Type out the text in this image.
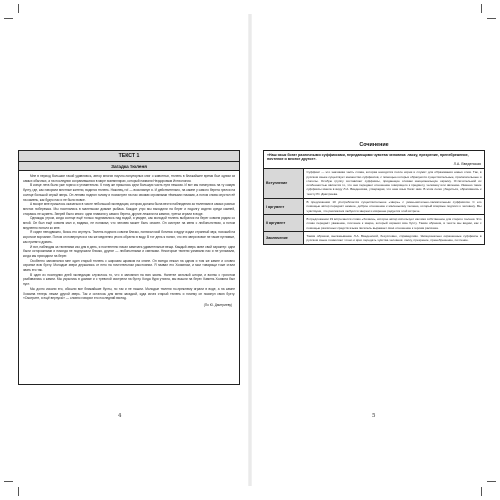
ТЕКСТ 1
Загадка тюленя

Мне в период большие такой удивляюсь, автор многих научно-популярных книг о животных, тюлень в ближайшее время был одним из самых обычных, а на последних сохранившихся в мире экземплярах, который назвали Нездоровым Ихтиологом.

В конце лета было уже горячо и утомительно. К тому же пришлось идти большую часть пути пешком. И вот мы наткнулись на ту самую бухту, где, как говорили местные жители, водится тюлень. Наконец-то! — воскликнул я. И действительно, на камне у самого берега грелся на солнце большой серый зверь. Он лениво поднял голову и посмотрел на нас своими огромными тёмными глазами, а потом снова опустил её на камень, как будто нас и не было вовсе.

А вскоре мне пришлось оказаться в числе небольшой экспедиции, которая должна была вести наблюдения за тюленями в самых разных местах побережья. Мы поселились в маленьком домике рыбака. Каждое утро мы выходили на берег и подолгу сидели среди камней, стараясь не шуметь. Зверей было много: одни плавали у самого берега, другие лежали на камнях, третьи играли в воде.

Однажды утром, когда солнце ещё только поднималось над водой, я увидел, как молодой тюлень выбрался на берег совсем рядом со мной. Он был ещё совсем мал и, видимо, не понимал, что человек может быть опасен. Он смотрел на меня с любопытством, а потом медленно пополз ко мне.

Я сидел неподвижно, боясь его спугнуть. Тюлень подполз совсем близко, понюхал мой ботинок и вдруг издал странный звук, похожий на короткое ворчание. Потом он повернулся и так же медленно уполз обратно в воду. В тот день я понял, что эти звери вовсе не такие пугливые, как принято думать.

И вот, наблюдая за тюленями изо дня в день, я постепенно начал замечать удивительные вещи. Каждый зверь имел свой характер: одни были осторожными и никогда не подпускали близко, другие — любопытными и смелыми. Некоторые тюлени узнавали нас и не уплывали, когда мы приходили на берег.

Особенно запомнился мне один старый тюлень с широким шрамом на спине. Он всегда лежал на одном и том же камне и словно охранял всю бухту. Молодые звери держались от него на почтительном расстоянии. Я назвал его Хозяином, и мои товарищи тоже стали звать его так.

В один из последних дней экспедиции случилось то, что я запомнил на всю жизнь. Налетел сильный шторм, и волны с грохотом разбивались о камни. Мы укрылись в домике и с тревогой смотрели на бухту. Когда буря утихла, мы вышли на берег. Камень Хозяина был пуст.

Мы долго искали его, обошли все ближайшие бухты, но так и не нашли. Молодые тюлени по-прежнему играли в воде, а на камне Хозяина теперь лежал другой зверь. Так и осталось для меня загадкой, куда исчез старый тюлень и почему он покинул свою бухту. «Смотрите, я ещё вернусь!» — словно говорил его последний взгляд.

(По Ю. Дмитриеву)

4
Сочинение
«Наш язык богат различными суффиксами, передающими чувства человека: ласку, презрение, пренебрежение, почтение и многое другое».
Л.А. Введенская
Вступление	Суффикс — это значимая часть слова, которая находится после корня и служит для образования новых слов. Так, в русском языке существует множество суффиксов, с помощью которых образуются существительные, прилагательные и глаголы. Особую группу составляют суффиксы, придающие словам эмоциональную окраску. Отличительной их особенностью является то, что они передают отношение говорящего к предмету, человеку или явлению. Именно такие суффиксы имела в виду Л.А. Введенская, утверждая, что наш язык богат ими. В этом легко убедиться, обратившись к тексту Ю. Дмитриева.
I аргумент	В предложении 10 употребляется существительное «зверь» с уменьшительно-ласкательным суффиксом. С его помощью автор передаёт нежное, доброе отношение к маленькому тюленю, который впервые подполз к человеку. Мы чувствуем, что рассказчик любуется зверем и искренне радуется этой встрече.
II аргумент	В предложении 19 встречается слово «Хозяин», которое автор использует как имя собственное для старого тюленя. Это слово передаёт уважение, почтение к зверю, который охранял всю бухту. Таким образом, в тексте мы видим, как с помощью различных средств языка писатель выражает своё отношение к героям рассказа.
Заключение	Таким образом, высказывание Л.А. Введенской, безусловно, справедливо. Эмоционально окрашенные суффиксы в русском языке позволяют точно и ярко передать чувства человека: ласку, презрение, пренебрежение, почтение.
5
